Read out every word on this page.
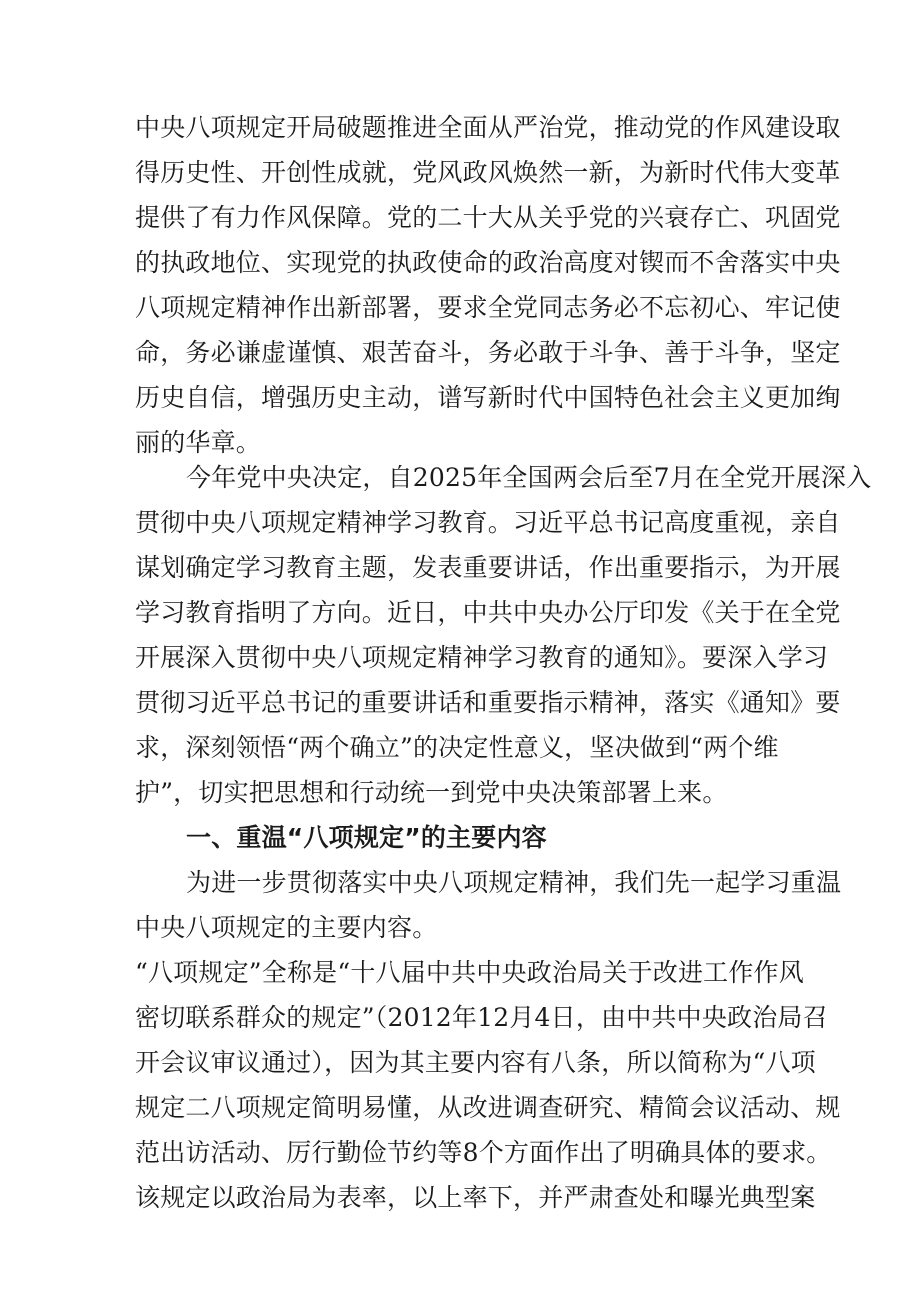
中央八项规定开局破题推进全面从严治党，推动党的作风建设取
得历史性、开创性成就，党风政风焕然一新，为新时代伟大变革
提供了有力作风保障。党的二十大从关乎党的兴衰存亡、巩固党
的执政地位、实现党的执政使命的政治高度对锲而不舍落实中央
八项规定精神作出新部署，要求全党同志务必不忘初心、牢记使
命，务必谦虚谨慎、艰苦奋斗，务必敢于斗争、善于斗争，坚定
历史自信，增强历史主动，谱写新时代中国特色社会主义更加绚
丽的华章。
今年党中央决定，自2025年全国两会后至7月在全党开展深入
贯彻中央八项规定精神学习教育。习近平总书记高度重视，亲自
谋划确定学习教育主题，发表重要讲话，作出重要指示，为开展
学习教育指明了方向。近日，中共中央办公厅印发《关于在全党
开展深入贯彻中央八项规定精神学习教育的通知》。要深入学习
贯彻习近平总书记的重要讲话和重要指示精神，落实《通知》要
求，深刻领悟“两个确立”的决定性意义，坚决做到“两个维
护”，切实把思想和行动统一到党中央决策部署上来。
一、重温“八项规定”的主要内容
为进一步贯彻落实中央八项规定精神，我们先一起学习重温
中央八项规定的主要内容。
“八项规定”全称是“十八届中共中央政治局关于改进工作作风
密切联系群众的规定”（2012年12月4日，由中共中央政治局召
开会议审议通过），因为其主要内容有八条，所以简称为“八项
规定二八项规定简明易懂，从改进调查研究、精简会议活动、规
范出访活动、厉行勤俭节约等8个方面作出了明确具体的要求。
该规定以政治局为表率，以上率下，并严肃查处和曝光典型案
